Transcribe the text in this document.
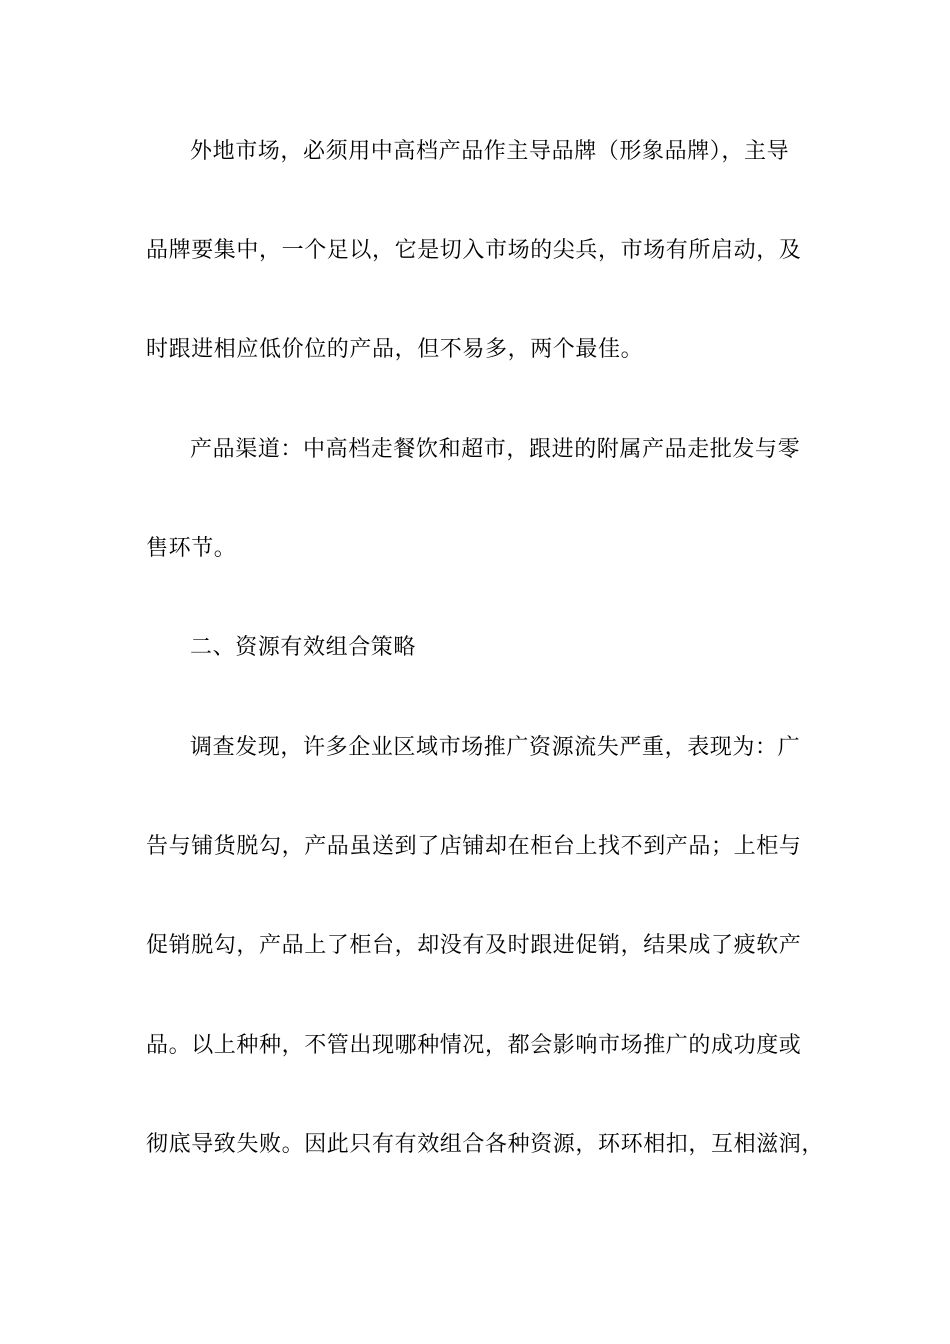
外地市场，必须用中高档产品作主导品牌（形象品牌），主导
品牌要集中，一个足以，它是切入市场的尖兵，市场有所启动，及
时跟进相应低价位的产品，但不易多，两个最佳。
产品渠道：中高档走餐饮和超市，跟进的附属产品走批发与零
售环节。
二、资源有效组合策略
调查发现，许多企业区域市场推广资源流失严重，表现为：广
告与铺货脱勾，产品虽送到了店铺却在柜台上找不到产品；上柜与
促销脱勾，产品上了柜台，却没有及时跟进促销，结果成了疲软产
品。以上种种，不管出现哪种情况，都会影响市场推广的成功度或
彻底导致失败。因此只有有效组合各种资源，环环相扣，互相滋润，
